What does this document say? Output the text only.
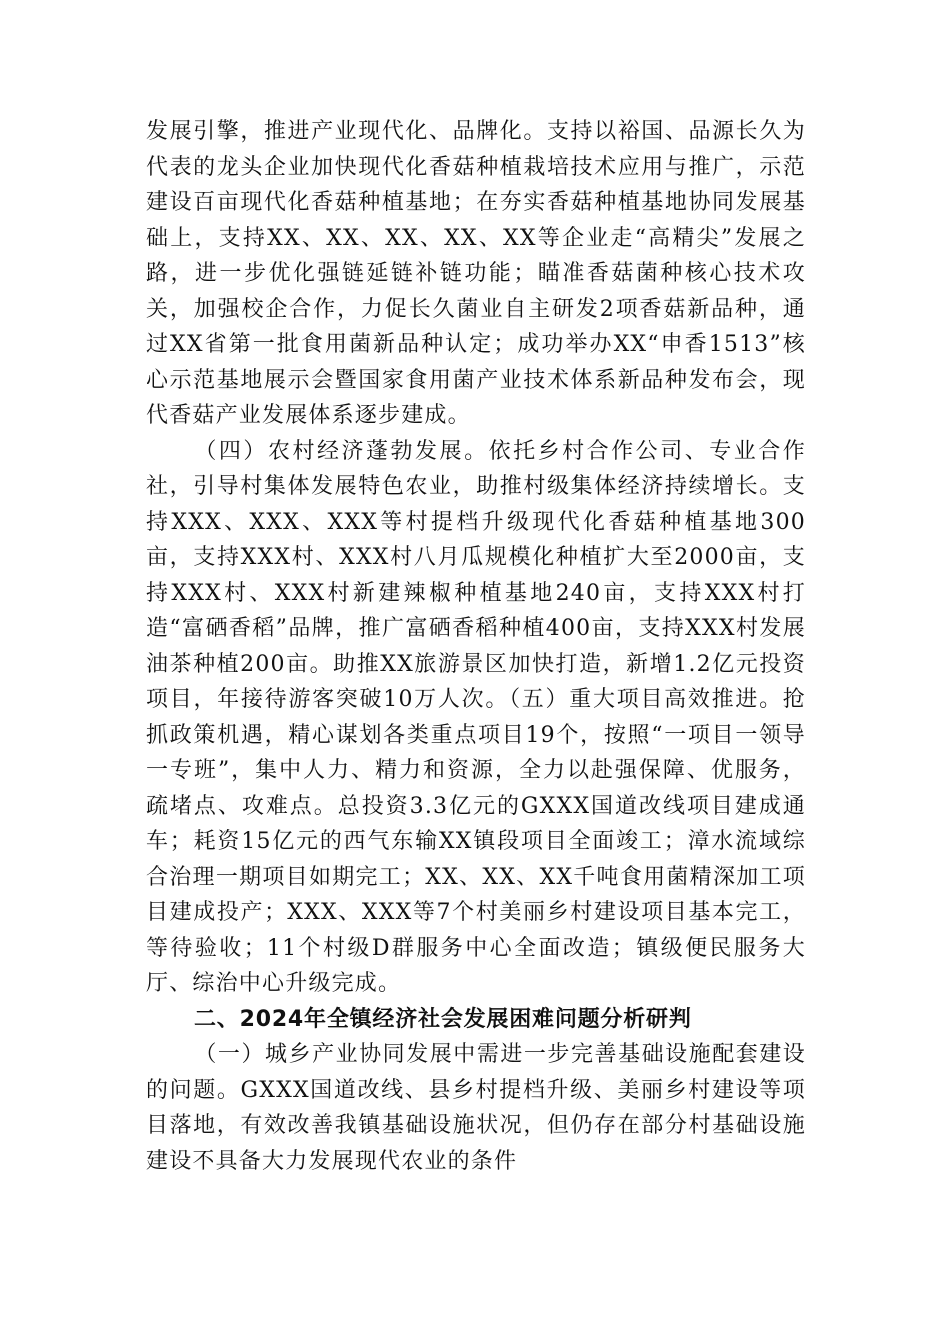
发展引擎，推进产业现代化、品牌化。支持以裕国、品源长久为代表的龙头企业加快现代化香菇种植栽培技术应用与推广，示范建设百亩现代化香菇种植基地；在夯实香菇种植基地协同发展基础上，支持XX、XX、XX、XX、XX等企业走“高精尖”发展之路，进一步优化强链延链补链功能；瞄准香菇菌种核心技术攻关，加强校企合作，力促长久菌业自主研发2项香菇新品种，通过XX省第一批食用菌新品种认定；成功举办XX“申香1513”核心示范基地展示会暨国家食用菌产业技术体系新品种发布会，现代香菇产业发展体系逐步建成。

（四）农村经济蓬勃发展。依托乡村合作公司、专业合作社，引导村集体发展特色农业，助推村级集体经济持续增长。支持XXX、XXX、XXX等村提档升级现代化香菇种植基地300亩，支持XXX村、XXX村八月瓜规模化种植扩大至2000亩，支持XXX村、XXX村新建辣椒种植基地240亩，支持XXX村打造“富硒香稻”品牌，推广富硒香稻种植400亩，支持XXX村发展油茶种植200亩。助推XX旅游景区加快打造，新增1.2亿元投资项目，年接待游客突破10万人次。（五）重大项目高效推进。抢抓政策机遇，精心谋划各类重点项目19个，按照“一项目一领导一专班”，集中人力、精力和资源，全力以赴强保障、优服务，疏堵点、攻难点。总投资3.3亿元的GXXX国道改线项目建成通车；耗资15亿元的西气东输XX镇段项目全面竣工；漳水流域综合治理一期项目如期完工；XX、XX、XX千吨食用菌精深加工项目建成投产；XXX、XXX等7个村美丽乡村建设项目基本完工，等待验收；11个村级D群服务中心全面改造；镇级便民服务大厅、综治中心升级完成。

二、2024年全镇经济社会发展困难问题分析研判

（一）城乡产业协同发展中需进一步完善基础设施配套建设的问题。GXXX国道改线、县乡村提档升级、美丽乡村建设等项目落地，有效改善我镇基础设施状况，但仍存在部分村基础设施建设不具备大力发展现代农业的条件
